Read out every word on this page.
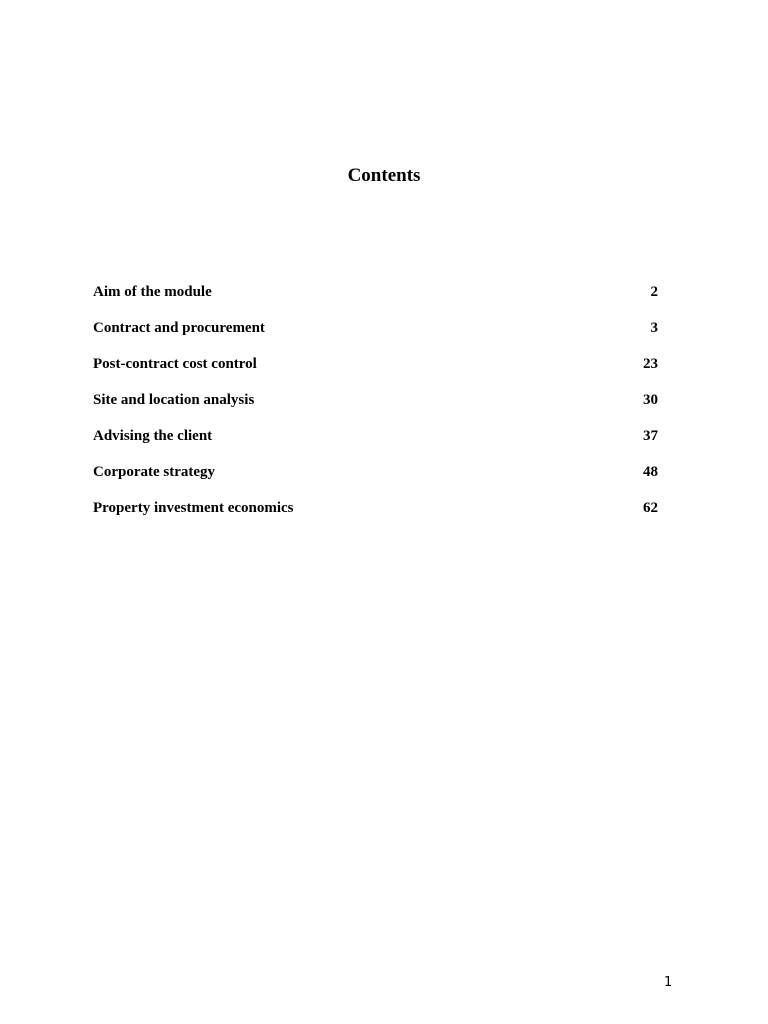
Contents
Aim of the module	2
Contract and procurement	3
Post-contract cost control	23
Site and location analysis	30
Advising the client	37
Corporate strategy	48
Property investment economics	62
1
